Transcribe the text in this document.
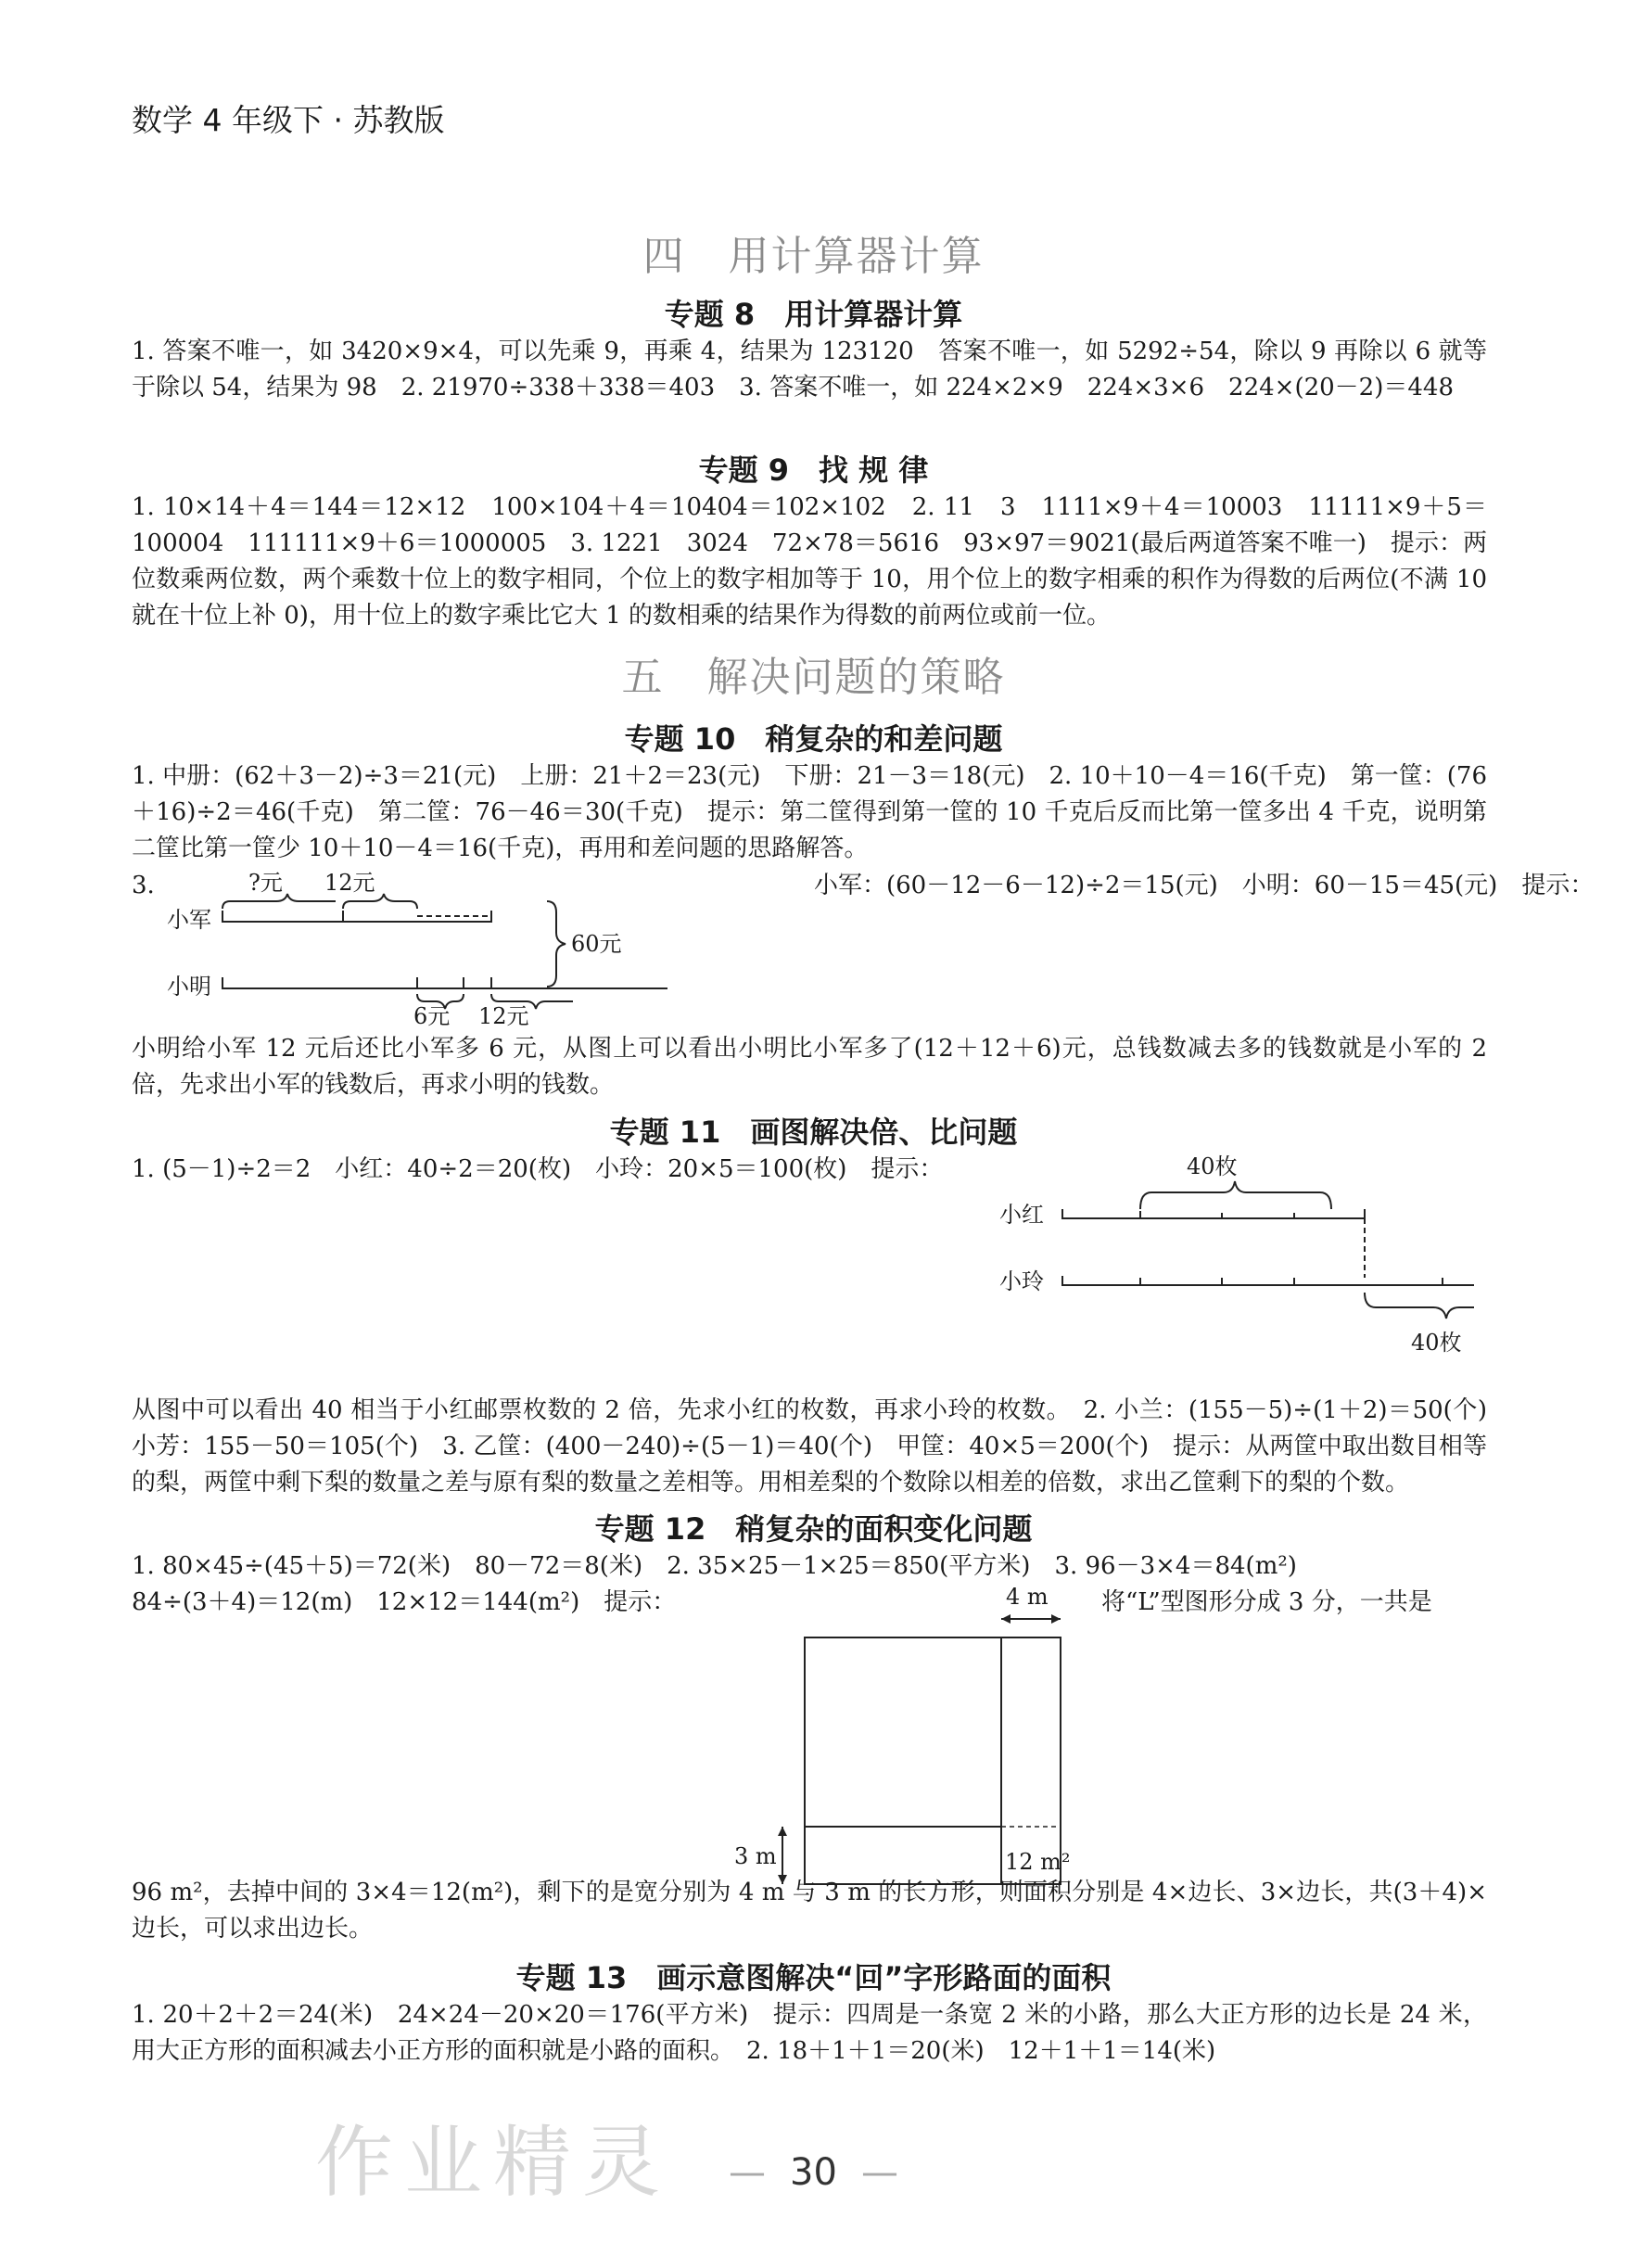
数学 4 年级下 · 苏教版
四　用计算器计算
专题 8　用计算器计算
1. 答案不唯一，如 3420×9×4，可以先乘 9，再乘 4，结果为 123120　答案不唯一，如 5292÷54，除以 9 再除以 6 就等于除以 54，结果为 98　2. 21970÷338＋338＝403　3. 答案不唯一，如 224×2×9　224×3×6　224×(20－2)＝448
专题 9　找 规 律
1. 10×14＋4＝144＝12×12　100×104＋4＝10404＝102×102　2. 11　3　1111×9＋4＝10003　11111×9＋5＝100004　111111×9＋6＝1000005　3. 1221　3024　72×78＝5616　93×97＝9021(最后两道答案不唯一)　提示：两位数乘两位数，两个乘数十位上的数字相同，个位上的数字相加等于 10，用个位上的数字相乘的积作为得数的后两位(不满 10 就在十位上补 0)，用十位上的数字乘比它大 1 的数相乘的结果作为得数的前两位或前一位。
五　解决问题的策略
专题 10　稍复杂的和差问题
1. 中册：(62＋3－2)÷3＝21(元)　上册：21＋2＝23(元)　下册：21－3＝18(元)　2. 10＋10－4＝16(千克)　第一筐：(76＋16)÷2＝46(千克)　第二筐：76－46＝30(千克)　提示：第二筐得到第一筐的 10 千克后反而比第一筐多出 4 千克，说明第二筐比第一筐少 10＋10－4＝16(千克)，再用和差问题的思路解答。
3.	小军：(60－12－6－12)÷2＝15(元)　小明：60－15＝45(元)　提示：
?元 12元
小军
小明
6元 12元
60元
小明给小军 12 元后还比小军多 6 元，从图上可以看出小明比小军多了(12＋12＋6)元，总钱数减去多的钱数就是小军的 2 倍，先求出小军的钱数后，再求小明的钱数。
专题 11　画图解决倍、比问题
1. (5－1)÷2＝2　小红：40÷2＝20(枚)　小玲：20×5＝100(枚)　提示：	40枚
小红
小玲
40枚
从图中可以看出 40 相当于小红邮票枚数的 2 倍，先求小红的枚数，再求小玲的枚数。　2. 小兰：(155－5)÷(1＋2)＝50(个)　小芳：155－50＝105(个)　3. 乙筐：(400－240)÷(5－1)＝40(个)　甲筐：40×5＝200(个)　提示：从两筐中取出数目相等的梨，两筐中剩下梨的数量之差与原有梨的数量之差相等。用相差梨的个数除以相差的倍数，求出乙筐剩下的梨的个数。
专题 12　稍复杂的面积变化问题
1. 80×45÷(45＋5)＝72(米)　80－72＝8(米)　2. 35×25－1×25＝850(平方米)　3. 96－3×4＝84(m²)
84÷(3＋4)＝12(m)　12×12＝144(m²)　提示：	将“L”型图形分成 3 分，一共是
4 m
3 m	12 m²
96 m²，去掉中间的 3×4＝12(m²)，剩下的是宽分别为 4 m 与 3 m 的长方形，则面积分别是 4×边长、3×边长，共(3＋4)×边长，可以求出边长。
专题 13　画示意图解决“回”字形路面的面积
1. 20＋2＋2＝24(米)　24×24－20×20＝176(平方米)　提示：四周是一条宽 2 米的小路，那么大正方形的边长是 24 米，用大正方形的面积减去小正方形的面积就是小路的面积。　2. 18＋1＋1＝20(米)　12＋1＋1＝14(米)
作业精灵	— 30 —
